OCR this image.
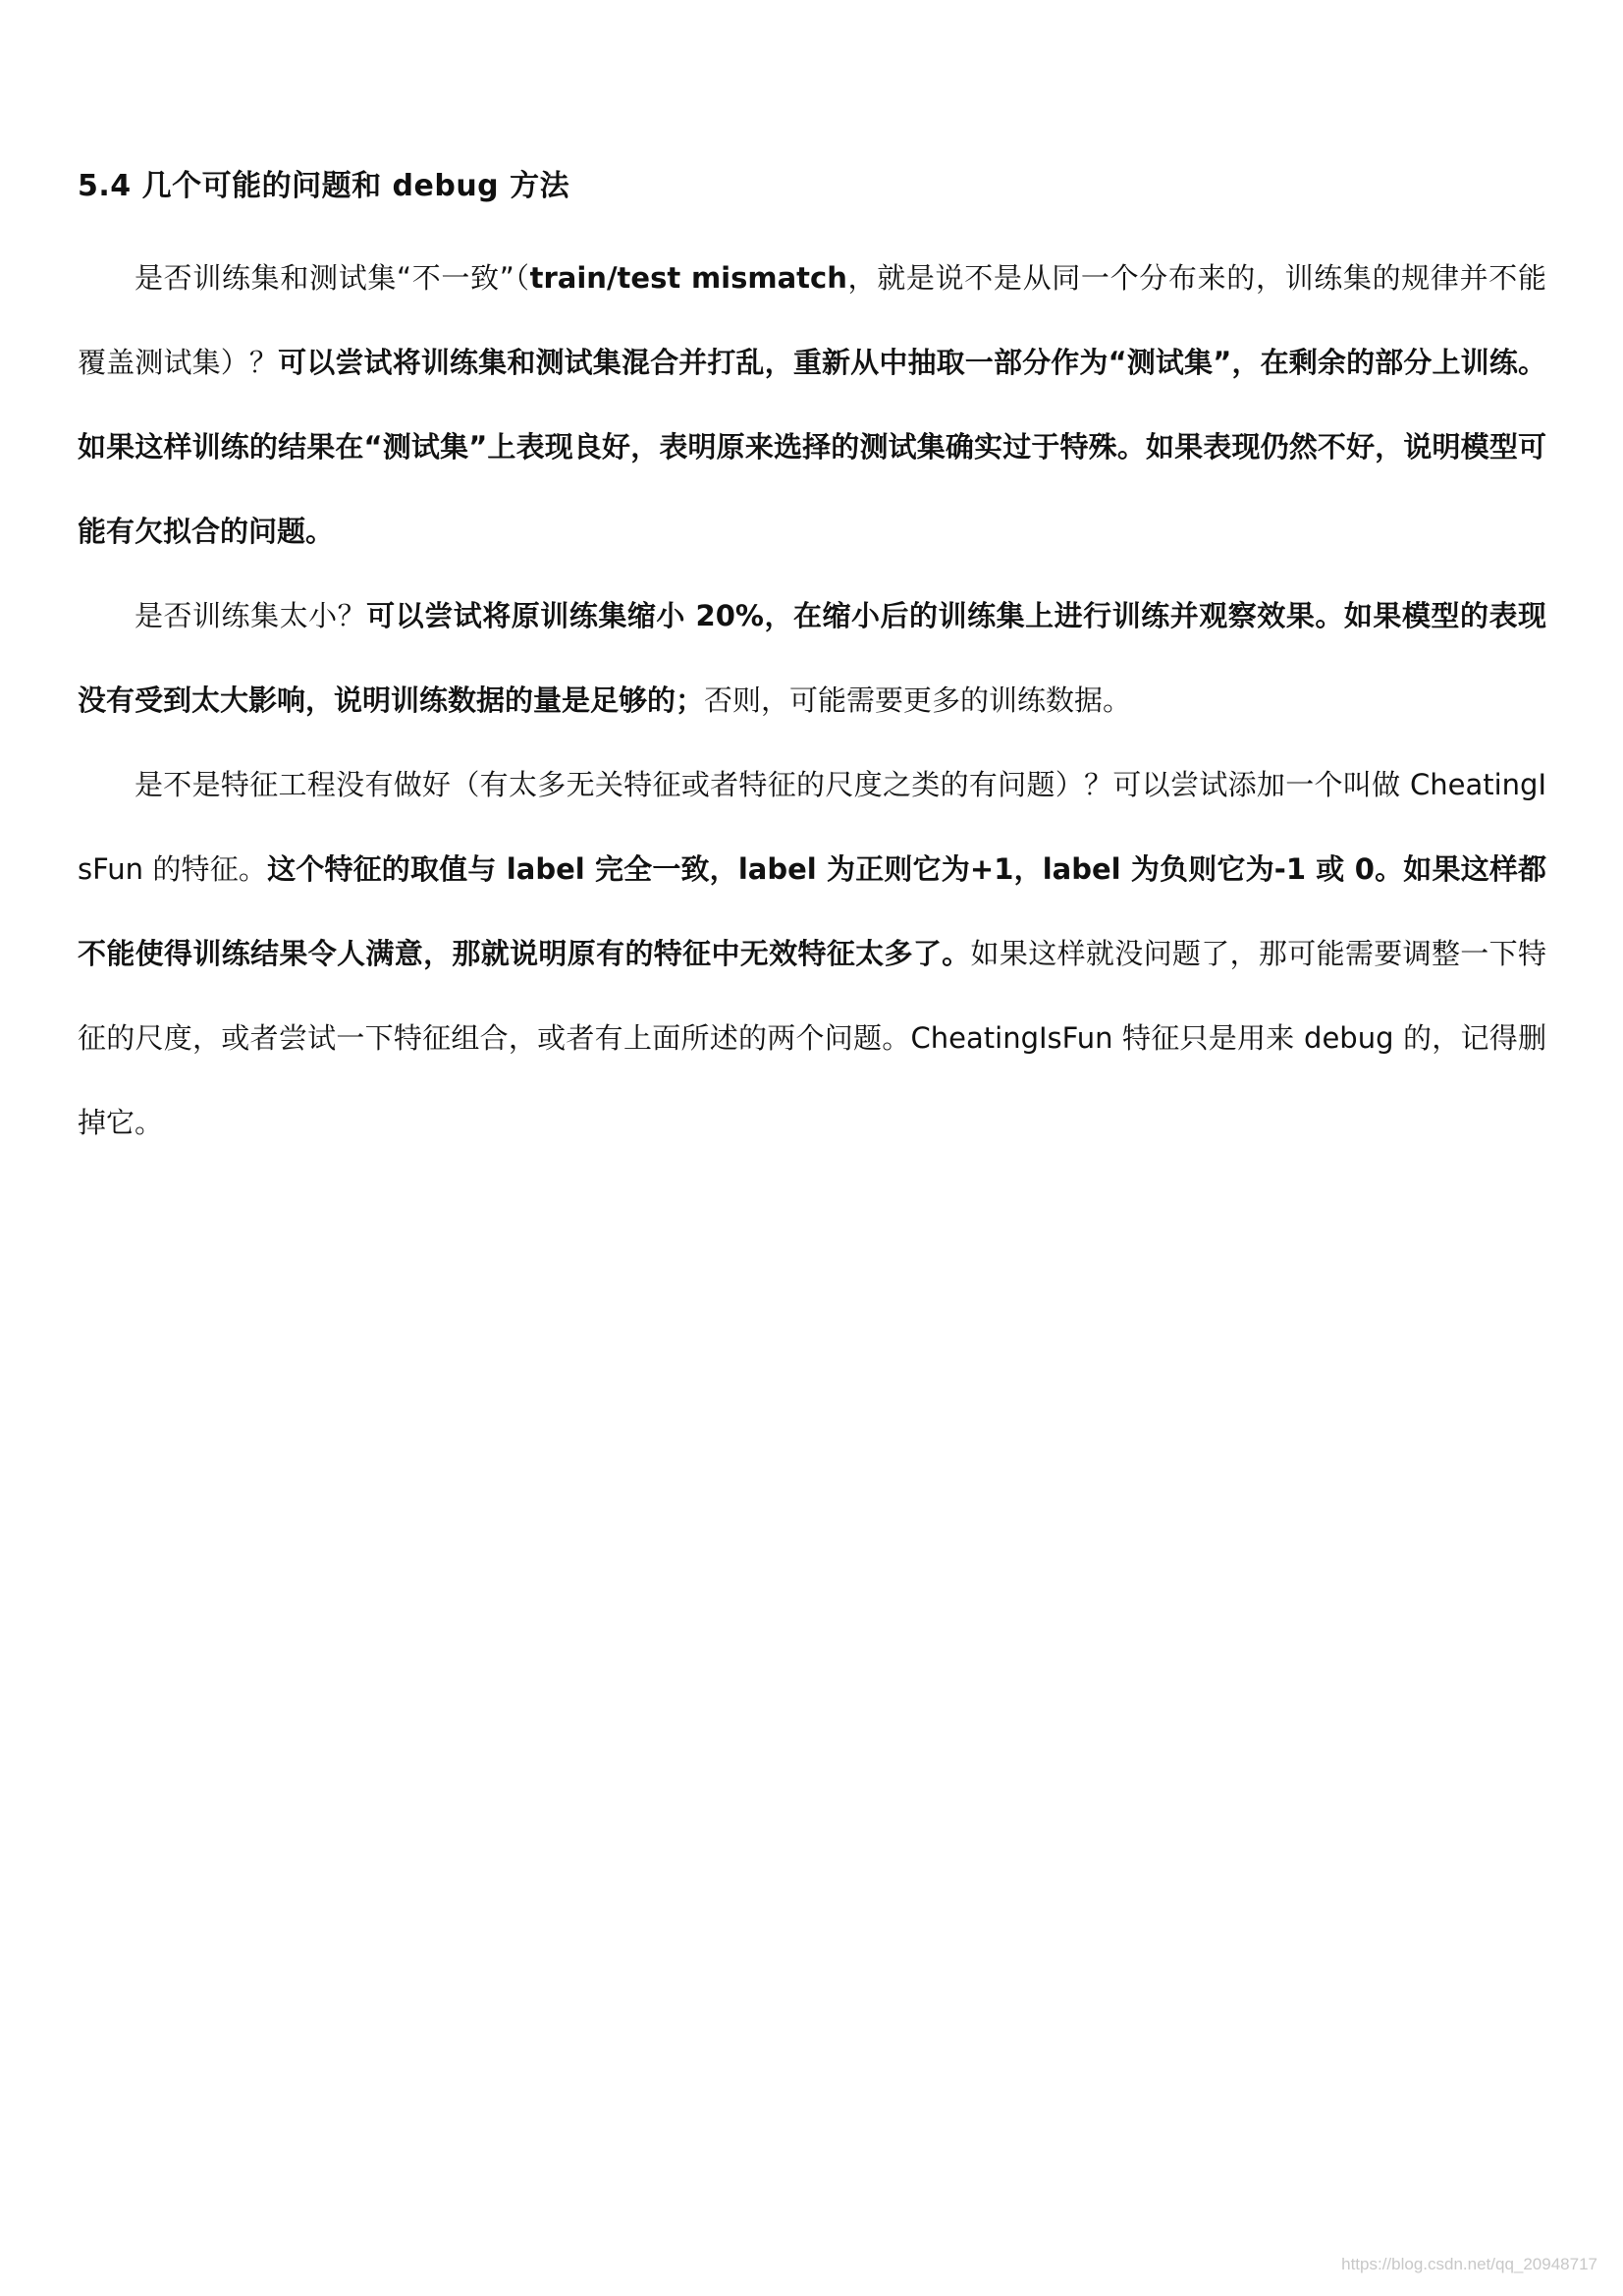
5.4 几个可能的问题和 debug 方法

是否训练集和测试集“不一致”（train/test mismatch，就是说不是从同一个分布来的，训练集的规律并不能覆盖测试集）？可以尝试将训练集和测试集混合并打乱，重新从中抽取一部分作为“测试集”，在剩余的部分上训练。如果这样训练的结果在“测试集”上表现良好，表明原来选择的测试集确实过于特殊。如果表现仍然不好，说明模型可能有欠拟合的问题。

是否训练集太小？可以尝试将原训练集缩小 20%，在缩小后的训练集上进行训练并观察效果。如果模型的表现没有受到太大影响，说明训练数据的量是足够的；否则，可能需要更多的训练数据。

是不是特征工程没有做好（有太多无关特征或者特征的尺度之类的有问题）？可以尝试添加一个叫做 CheatingIsFun 的特征。这个特征的取值与 label 完全一致，label 为正则它为+1，label 为负则它为-1 或 0。如果这样都不能使得训练结果令人满意，那就说明原有的特征中无效特征太多了。如果这样就没问题了，那可能需要调整一下特征的尺度，或者尝试一下特征组合，或者有上面所述的两个问题。CheatingIsFun 特征只是用来 debug 的，记得删掉它。

https://blog.csdn.net/qq_20948717
